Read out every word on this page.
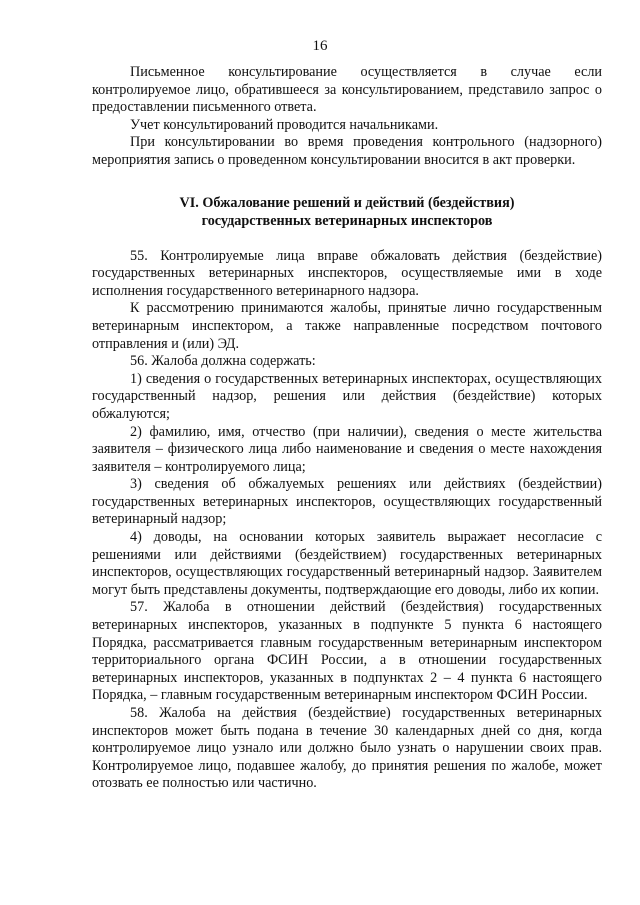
16

Письменное консультирование осуществляется в случае если контролируемое лицо, обратившееся за консультированием, представило запрос о предоставлении письменного ответа.

Учет консультирований проводится начальниками.

При консультировании во время проведения контрольного (надзорного) мероприятия запись о проведенном консультировании вносится в акт проверки.

VI. Обжалование решений и действий (бездействия)
государственных ветеринарных инспекторов

55. Контролируемые лица вправе обжаловать действия (бездействие) государственных ветеринарных инспекторов, осуществляемые ими в ходе исполнения государственного ветеринарного надзора.

К рассмотрению принимаются жалобы, принятые лично государственным ветеринарным инспектором, а также направленные посредством почтового отправления и (или) ЭД.

56. Жалоба должна содержать:

1) сведения о государственных ветеринарных инспекторах, осуществляющих государственный надзор, решения или действия (бездействие) которых обжалуются;

2) фамилию, имя, отчество (при наличии), сведения о месте жительства заявителя – физического лица либо наименование и сведения о месте нахождения заявителя – контролируемого лица;

3) сведения об обжалуемых решениях или действиях (бездействии) государственных ветеринарных инспекторов, осуществляющих государственный ветеринарный надзор;

4) доводы, на основании которых заявитель выражает несогласие с решениями или действиями (бездействием) государственных ветеринарных инспекторов, осуществляющих государственный ветеринарный надзор. Заявителем могут быть представлены документы, подтверждающие его доводы, либо их копии.

57. Жалоба в отношении действий (бездействия) государственных ветеринарных инспекторов, указанных в подпункте 5 пункта 6 настоящего Порядка, рассматривается главным государственным ветеринарным инспектором территориального органа ФСИН России, а в отношении государственных ветеринарных инспекторов, указанных в подпунктах 2 – 4 пункта 6 настоящего Порядка, – главным государственным ветеринарным инспектором ФСИН России.

58. Жалоба на действия (бездействие) государственных ветеринарных инспекторов может быть подана в течение 30 календарных дней со дня, когда контролируемое лицо узнало или должно было узнать о нарушении своих прав. Контролируемое лицо, подавшее жалобу, до принятия решения по жалобе, может отозвать ее полностью или частично.
